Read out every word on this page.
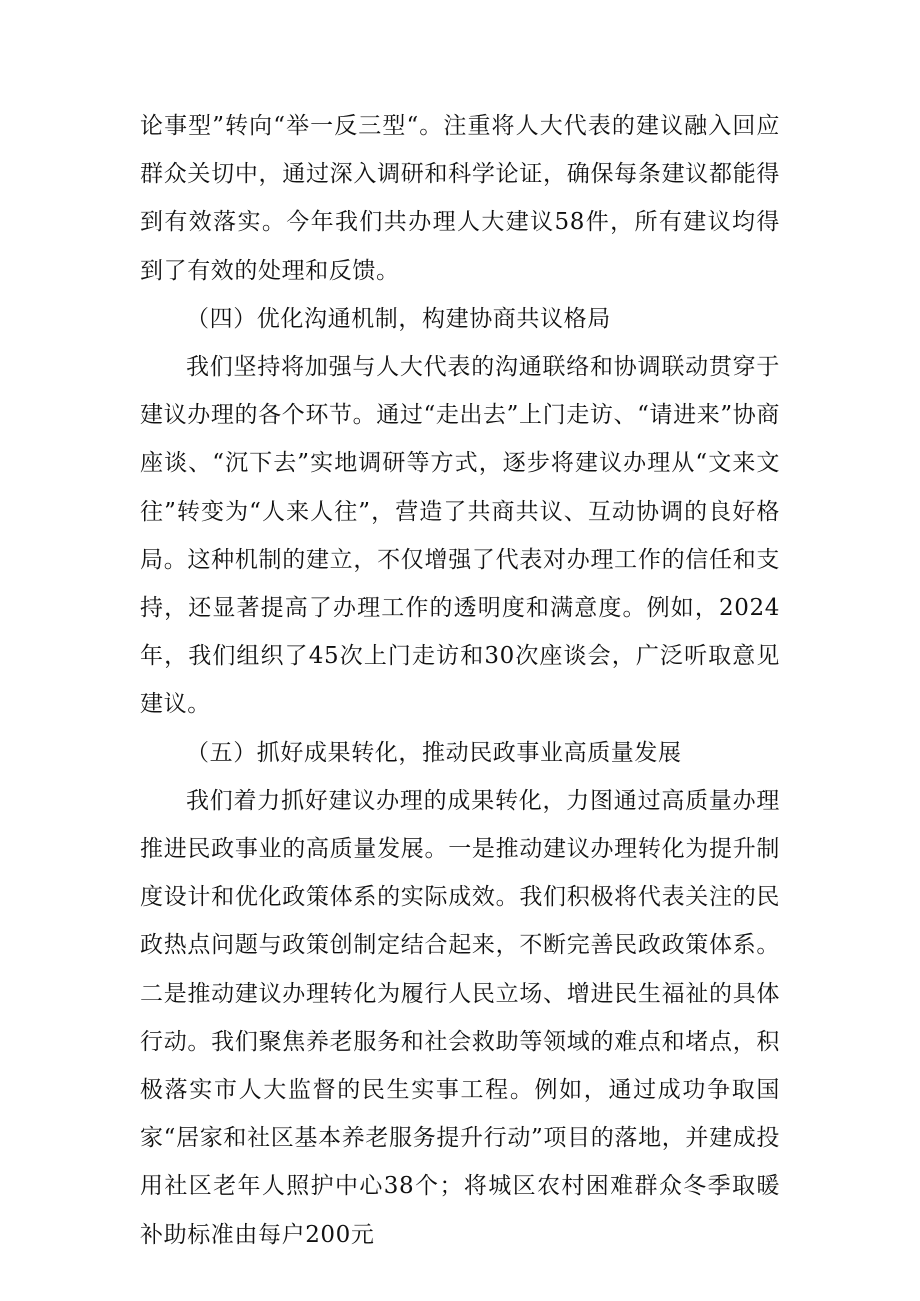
论事型”转向“举一反三型“。注重将人大代表的建议融入回应群众关切中，通过深入调研和科学论证，确保每条建议都能得到有效落实。今年我们共办理人大建议58件，所有建议均得到了有效的处理和反馈。

（四）优化沟通机制，构建协商共议格局

我们坚持将加强与人大代表的沟通联络和协调联动贯穿于建议办理的各个环节。通过“走出去”上门走访、“请进来”协商座谈、“沉下去”实地调研等方式，逐步将建议办理从“文来文往”转变为“人来人往”，营造了共商共议、互动协调的良好格局。这种机制的建立，不仅增强了代表对办理工作的信任和支持，还显著提高了办理工作的透明度和满意度。例如，2024年，我们组织了45次上门走访和30次座谈会，广泛听取意见建议。

（五）抓好成果转化，推动民政事业高质量发展

我们着力抓好建议办理的成果转化，力图通过高质量办理推进民政事业的高质量发展。一是推动建议办理转化为提升制度设计和优化政策体系的实际成效。我们积极将代表关注的民政热点问题与政策创制定结合起来，不断完善民政政策体系。二是推动建议办理转化为履行人民立场、增进民生福祉的具体行动。我们聚焦养老服务和社会救助等领域的难点和堵点，积极落实市人大监督的民生实事工程。例如，通过成功争取国家“居家和社区基本养老服务提升行动”项目的落地，并建成投用社区老年人照护中心38个；将城区农村困难群众冬季取暖补助标准由每户200元
